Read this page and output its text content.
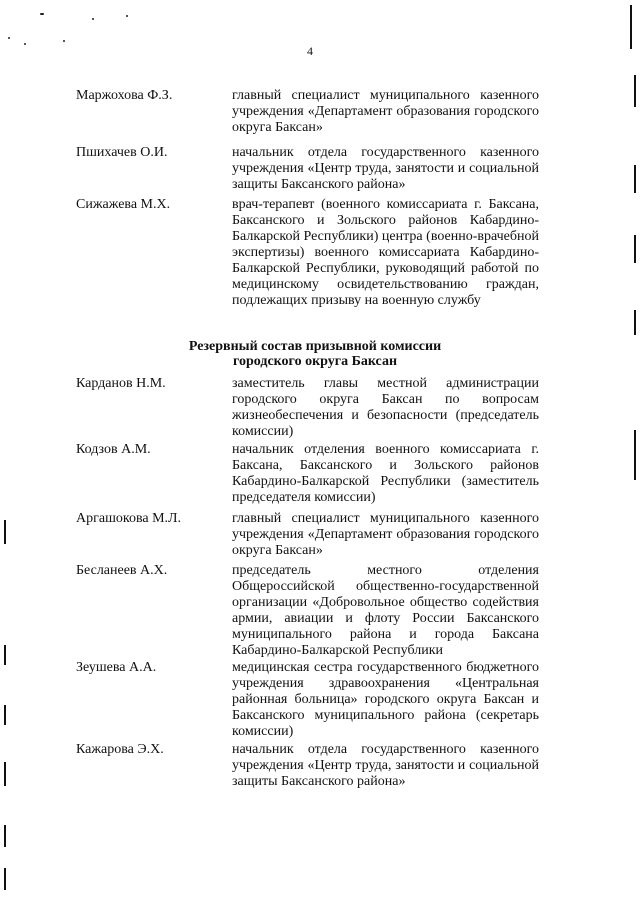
4
Маржохова Ф.З.	главный специалист муниципального казенного учреждения «Департамент образования городского округа Баксан»
Пшихачев О.И.	начальник отдела государственного казенного учреждения «Центр труда, занятости и социальной защиты Баксанского района»
Сижажева М.Х.	врач-терапевт (военного комиссариата г. Баксана, Баксанского и Зольского районов Кабардино-Балкарской Республики) центра (военно-врачебной экспертизы) военного комиссариата Кабардино-Балкарской Республики, руководящий работой по медицинскому освидетельствованию граждан, подлежащих призыву на военную службу
Резервный состав призывной комиссии
городского округа Баксан
Карданов Н.М.	заместитель главы местной администрации городского округа Баксан по вопросам жизнеобеспечения и безопасности (председатель комиссии)
Кодзов А.М.	начальник отделения военного комиссариата г. Баксана, Баксанского и Зольского районов Кабардино-Балкарской Республики (заместитель председателя комиссии)
Аргашокова М.Л.	главный специалист муниципального казенного учреждения «Департамент образования городского округа Баксан»
Бесланеев А.Х.	председатель местного отделения Общероссийской общественно-государственной организации «Добровольное общество содействия армии, авиации и флоту России Баксанского муниципального района и города Баксана Кабардино-Балкарской Республики
Зеушева А.А.	медицинская сестра государственного бюджетного учреждения здравоохранения «Центральная районная больница» городского округа Баксан и Баксанского муниципального района (секретарь комиссии)
Кажарова Э.Х.	начальник отдела государственного казенного учреждения «Центр труда, занятости и социальной защиты Баксанского района»
